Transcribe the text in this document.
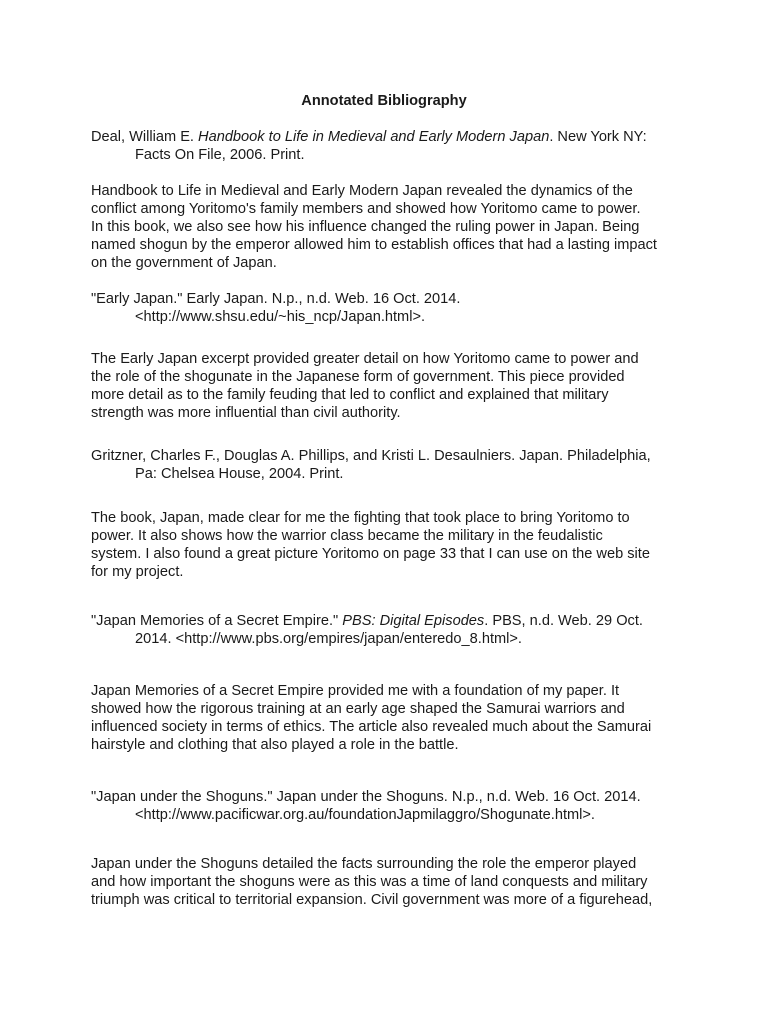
Annotated Bibliography
Deal, William E. Handbook to Life in Medieval and Early Modern Japan. New York NY:
Facts On File, 2006. Print.
Handbook to Life in Medieval and Early Modern Japan revealed the dynamics of the
conflict among Yoritomo's family members and showed how Yoritomo came to power.
In this book, we also see how his influence changed the ruling power in Japan. Being
named shogun by the emperor allowed him to establish offices that had a lasting impact
on the government of Japan.
"Early Japan." Early Japan. N.p., n.d. Web. 16 Oct. 2014.
<http://www.shsu.edu/~his_ncp/Japan.html>.
The Early Japan excerpt provided greater detail on how Yoritomo came to power and
the role of the shogunate in the Japanese form of government. This piece provided
more detail as to the family feuding that led to conflict and explained that military
strength was more influential than civil authority.
Gritzner, Charles F., Douglas A. Phillips, and Kristi L. Desaulniers. Japan. Philadelphia,
Pa: Chelsea House, 2004. Print.
The book, Japan, made clear for me the fighting that took place to bring Yoritomo to
power. It also shows how the warrior class became the military in the feudalistic
system. I also found a great picture Yoritomo on page 33 that I can use on the web site
for my project.
"Japan Memories of a Secret Empire." PBS: Digital Episodes. PBS, n.d. Web. 29 Oct.
2014. <http://www.pbs.org/empires/japan/enteredo_8.html>.
Japan Memories of a Secret Empire provided me with a foundation of my paper. It
showed how the rigorous training at an early age shaped the Samurai warriors and
influenced society in terms of ethics. The article also revealed much about the Samurai
hairstyle and clothing that also played a role in the battle.
"Japan under the Shoguns." Japan under the Shoguns. N.p., n.d. Web. 16 Oct. 2014.
<http://www.pacificwar.org.au/foundationJapmilaggro/Shogunate.html>.
Japan under the Shoguns detailed the facts surrounding the role the emperor played
and how important the shoguns were as this was a time of land conquests and military
triumph was critical to territorial expansion. Civil government was more of a figurehead,
